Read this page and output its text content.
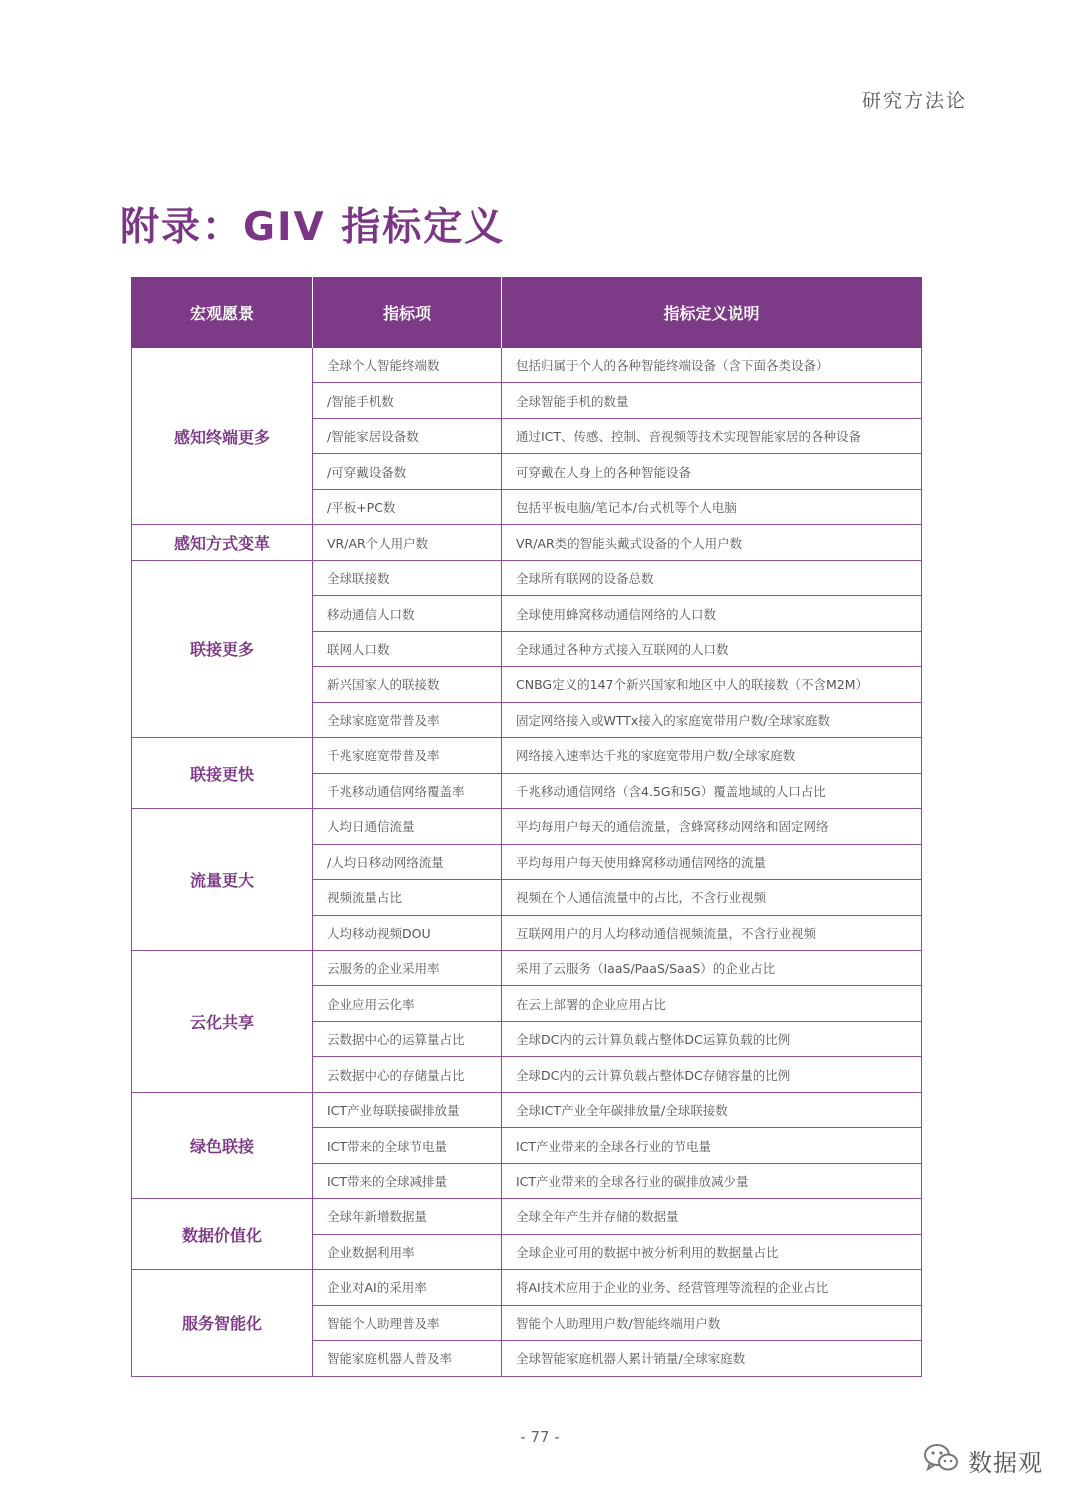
研究方法论
附录：GIV 指标定义
宏观愿景	指标项	指标定义说明
感知终端更多	全球个人智能终端数	包括归属于个人的各种智能终端设备（含下面各类设备）
	/智能手机数	全球智能手机的数量
	/智能家居设备数	通过ICT、传感、控制、音视频等技术实现智能家居的各种设备
	/可穿戴设备数	可穿戴在人身上的各种智能设备
	/平板+PC数	包括平板电脑/笔记本/台式机等个人电脑
感知方式变革	VR/AR个人用户数	VR/AR类的智能头戴式设备的个人用户数
联接更多	全球联接数	全球所有联网的设备总数
	移动通信人口数	全球使用蜂窝移动通信网络的人口数
	联网人口数	全球通过各种方式接入互联网的人口数
	新兴国家人的联接数	CNBG定义的147个新兴国家和地区中人的联接数（不含M2M）
	全球家庭宽带普及率	固定网络接入或WTTx接入的家庭宽带用户数/全球家庭数
联接更快	千兆家庭宽带普及率	网络接入速率达千兆的家庭宽带用户数/全球家庭数
	千兆移动通信网络覆盖率	千兆移动通信网络（含4.5G和5G）覆盖地域的人口占比
流量更大	人均日通信流量	平均每用户每天的通信流量，含蜂窝移动网络和固定网络
	/人均日移动网络流量	平均每用户每天使用蜂窝移动通信网络的流量
	视频流量占比	视频在个人通信流量中的占比，不含行业视频
	人均移动视频DOU	互联网用户的月人均移动通信视频流量，不含行业视频
云化共享	云服务的企业采用率	采用了云服务（IaaS/PaaS/SaaS）的企业占比
	企业应用云化率	在云上部署的企业应用占比
	云数据中心的运算量占比	全球DC内的云计算负载占整体DC运算负载的比例
	云数据中心的存储量占比	全球DC内的云计算负载占整体DC存储容量的比例
绿色联接	ICT产业每联接碳排放量	全球ICT产业全年碳排放量/全球联接数
	ICT带来的全球节电量	ICT产业带来的全球各行业的节电量
	ICT带来的全球减排量	ICT产业带来的全球各行业的碳排放减少量
数据价值化	全球年新增数据量	全球全年产生并存储的数据量
	企业数据利用率	全球企业可用的数据中被分析利用的数据量占比
服务智能化	企业对AI的采用率	将AI技术应用于企业的业务、经营管理等流程的企业占比
	智能个人助理普及率	智能个人助理用户数/智能终端用户数
	智能家庭机器人普及率	全球智能家庭机器人累计销量/全球家庭数
- 77 -
数据观
